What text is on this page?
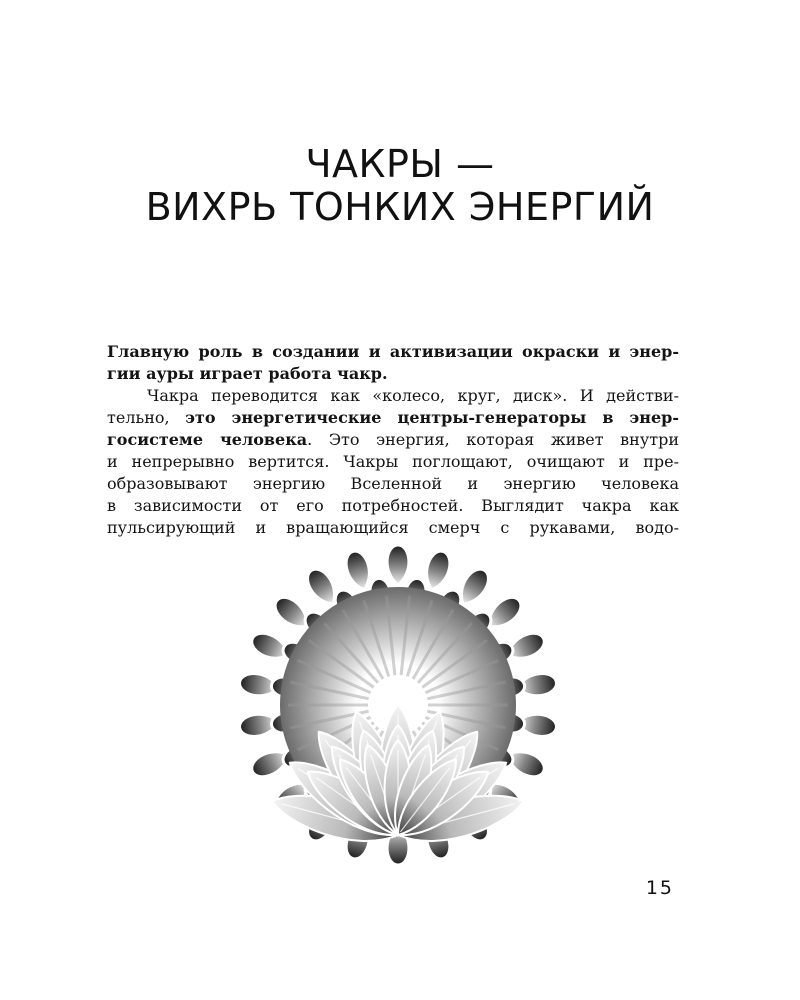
ЧАКРЫ —
ВИХРЬ ТОНКИХ ЭНЕРГИЙ
Главную роль в создании и активизации окраски и энер-
гии ауры играет работа чакр.
Чакра переводится как «колесо, круг, диск». И действи-
тельно, это энергетические центры-генераторы в энер-
госистеме человека. Это энергия, которая живет внутри
и непрерывно вертится. Чакры поглощают, очищают и пре-
образовывают энергию Вселенной и энергию человека
в зависимости от его потребностей. Выглядит чакра как
пульсирующий и вращающийся смерч с рукавами, водо-
15
